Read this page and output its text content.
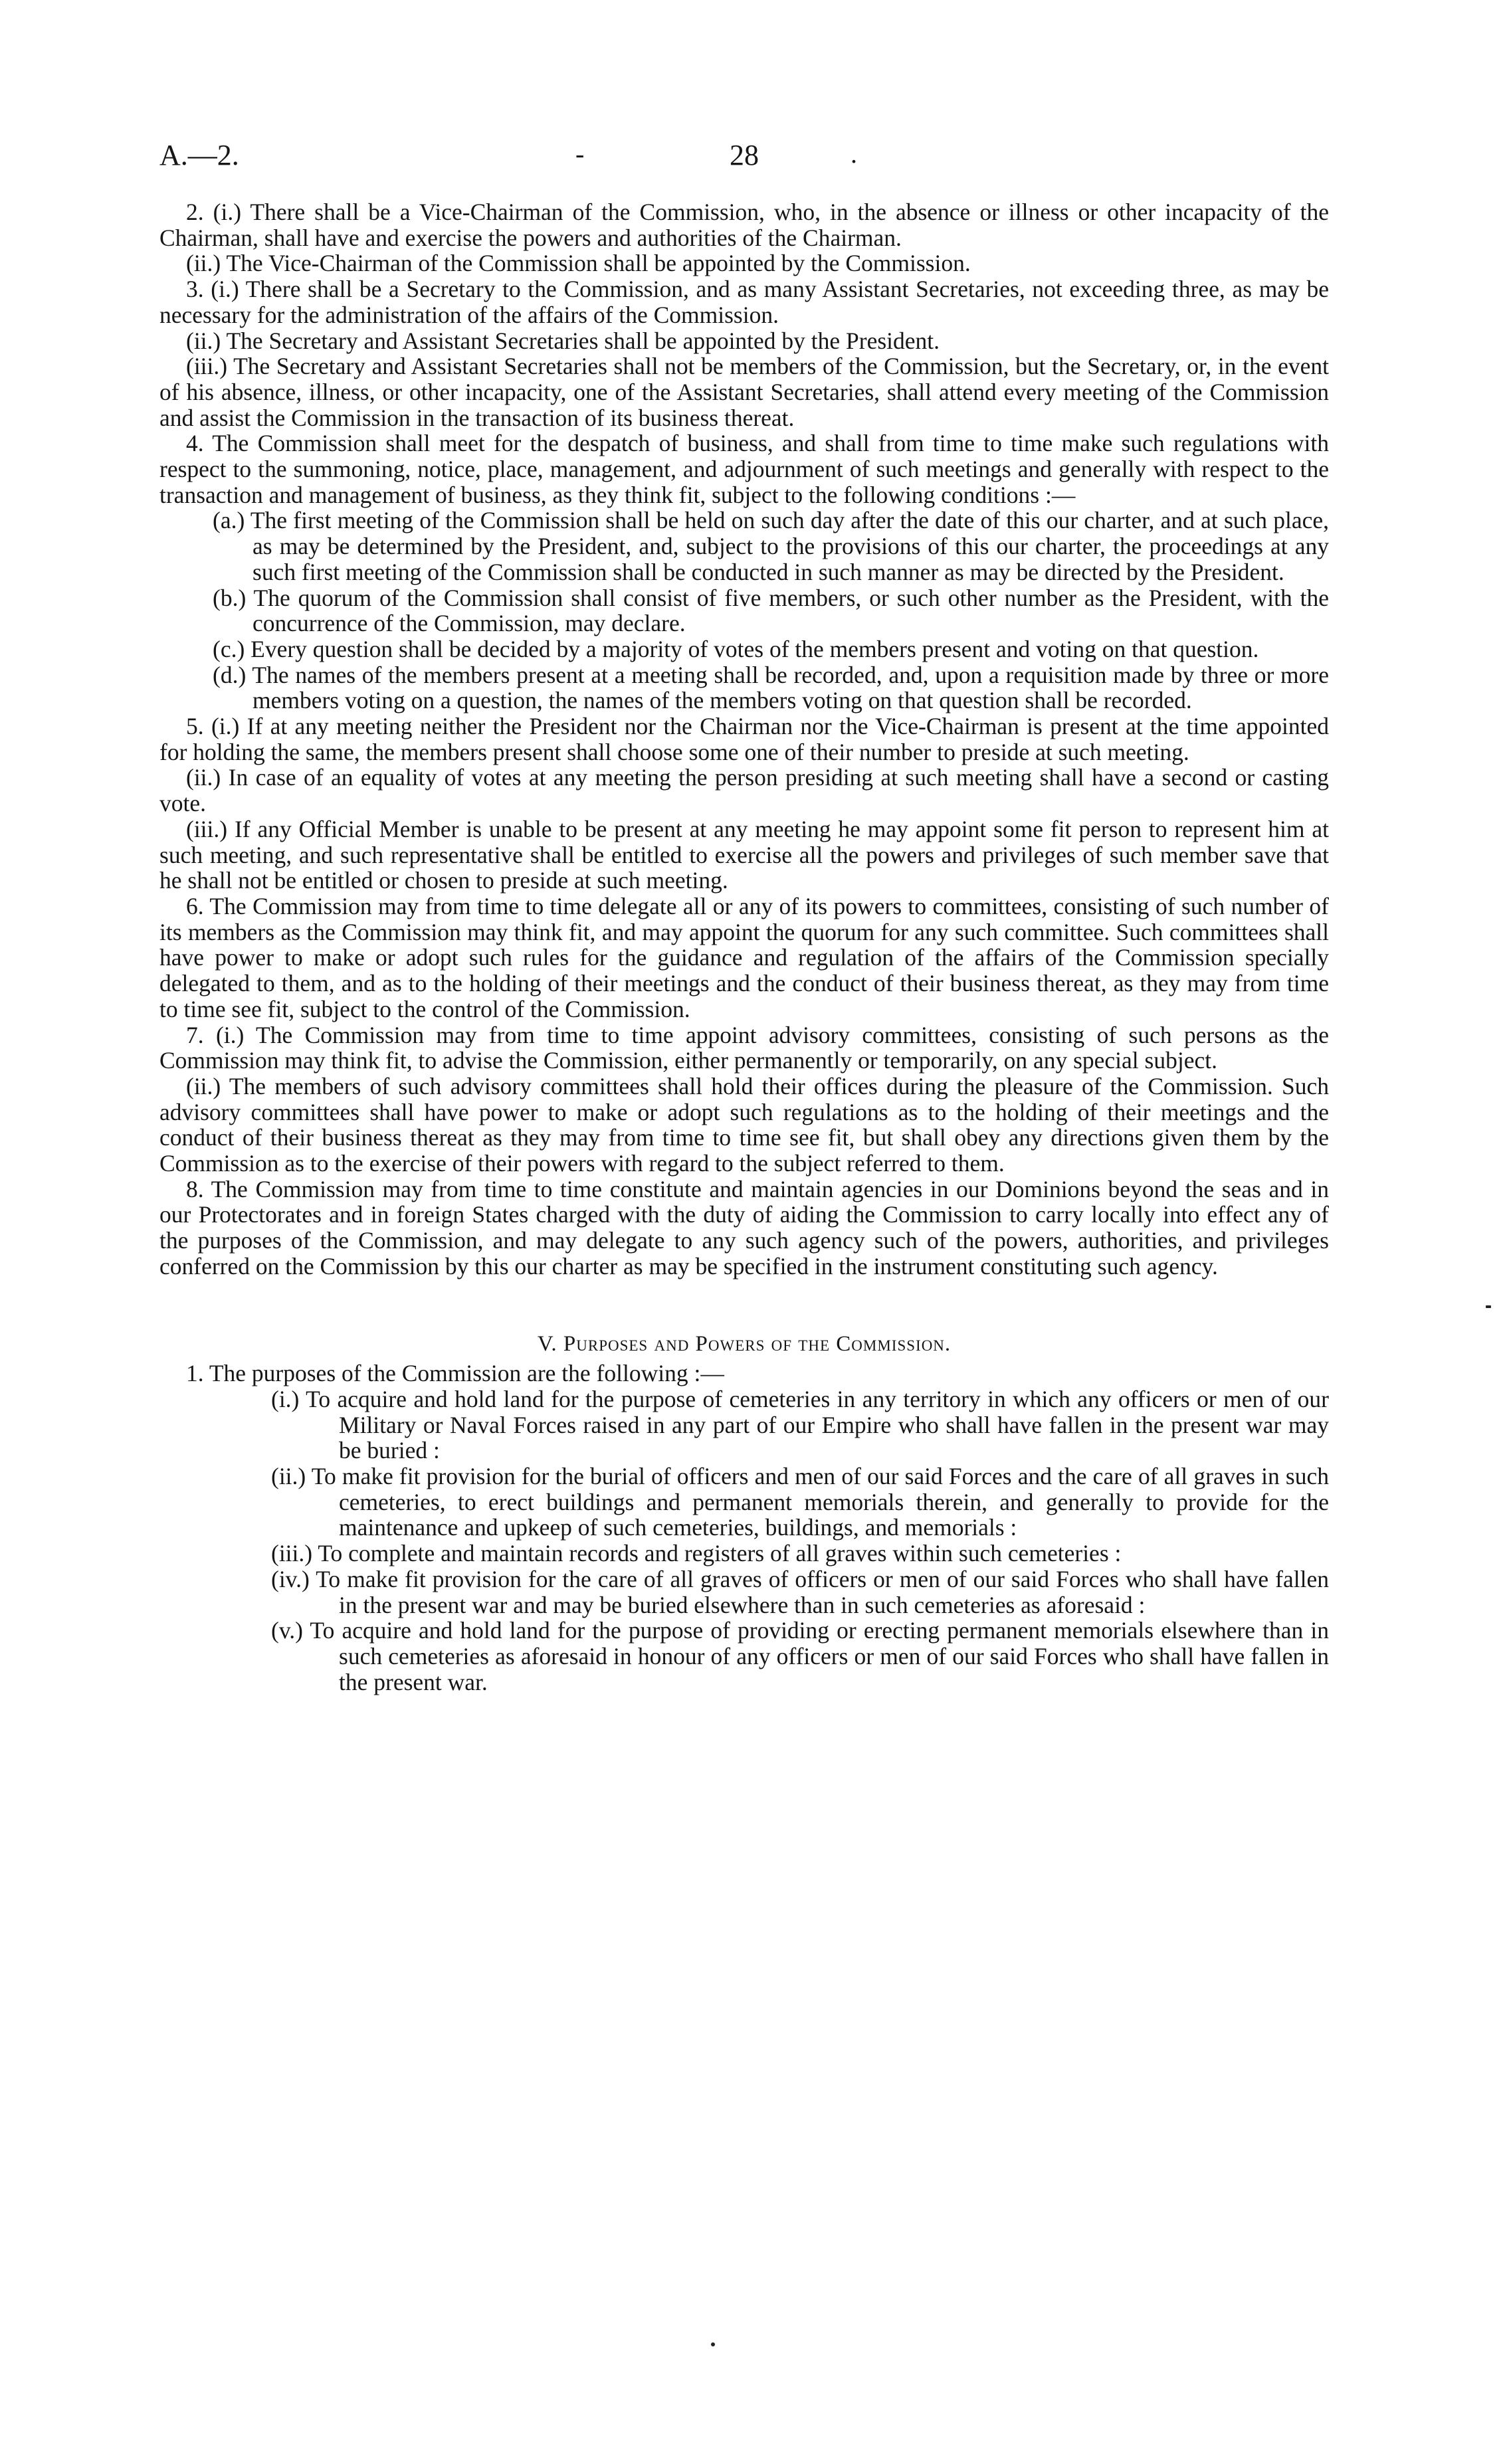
A.—2.	-	28	.

2. (i.) There shall be a Vice-Chairman of the Commission, who, in the absence or illness or other incapacity of the Chairman, shall have and exercise the powers and authorities of the Chairman.

(ii.) The Vice-Chairman of the Commission shall be appointed by the Commission.

3. (i.) There shall be a Secretary to the Commission, and as many Assistant Secretaries, not exceeding three, as may be necessary for the administration of the affairs of the Commission.

(ii.) The Secretary and Assistant Secretaries shall be appointed by the President.

(iii.) The Secretary and Assistant Secretaries shall not be members of the Commission, but the Secretary, or, in the event of his absence, illness, or other incapacity, one of the Assistant Secretaries, shall attend every meeting of the Commission and assist the Commission in the transaction of its business thereat.

4. The Commission shall meet for the despatch of business, and shall from time to time make such regulations with respect to the summoning, notice, place, management, and adjournment of such meetings and generally with respect to the transaction and management of business, as they think fit, subject to the following conditions :—

(a.) The first meeting of the Commission shall be held on such day after the date of this our charter, and at such place, as may be determined by the President, and, subject to the provisions of this our charter, the proceedings at any such first meeting of the Commission shall be conducted in such manner as may be directed by the President.

(b.) The quorum of the Commission shall consist of five members, or such other number as the President, with the concurrence of the Commission, may declare.

(c.) Every question shall be decided by a majority of votes of the members present and voting on that question.

(d.) The names of the members present at a meeting shall be recorded, and, upon a requisition made by three or more members voting on a question, the names of the members voting on that question shall be recorded.

5. (i.) If at any meeting neither the President nor the Chairman nor the Vice-Chairman is present at the time appointed for holding the same, the members present shall choose some one of their number to preside at such meeting.

(ii.) In case of an equality of votes at any meeting the person presiding at such meeting shall have a second or casting vote.

(iii.) If any Official Member is unable to be present at any meeting he may appoint some fit person to represent him at such meeting, and such representative shall be entitled to exercise all the powers and privileges of such member save that he shall not be entitled or chosen to preside at such meeting.

6. The Commission may from time to time delegate all or any of its powers to committees, consisting of such number of its members as the Commission may think fit, and may appoint the quorum for any such committee. Such committees shall have power to make or adopt such rules for the guidance and regulation of the affairs of the Commission specially delegated to them, and as to the holding of their meetings and the conduct of their business thereat, as they may from time to time see fit, subject to the control of the Commission.

7. (i.) The Commission may from time to time appoint advisory committees, consisting of such persons as the Commission may think fit, to advise the Commission, either permanently or temporarily, on any special subject.

(ii.) The members of such advisory committees shall hold their offices during the pleasure of the Commission. Such advisory committees shall have power to make or adopt such regulations as to the holding of their meetings and the conduct of their business thereat as they may from time to time see fit, but shall obey any directions given them by the Commission as to the exercise of their powers with regard to the subject referred to them.

8. The Commission may from time to time constitute and maintain agencies in our Dominions beyond the seas and in our Protectorates and in foreign States charged with the duty of aiding the Commission to carry locally into effect any of the purposes of the Commission, and may delegate to any such agency such of the powers, authorities, and privileges conferred on the Commission by this our charter as may be specified in the instrument constituting such agency.

V. Purposes and Powers of the Commission.

1. The purposes of the Commission are the following :—

(i.) To acquire and hold land for the purpose of cemeteries in any territory in which any officers or men of our Military or Naval Forces raised in any part of our Empire who shall have fallen in the present war may be buried :

(ii.) To make fit provision for the burial of officers and men of our said Forces and the care of all graves in such cemeteries, to erect buildings and permanent memorials therein, and generally to provide for the maintenance and upkeep of such cemeteries, buildings, and memorials :

(iii.) To complete and maintain records and registers of all graves within such cemeteries :

(iv.) To make fit provision for the care of all graves of officers or men of our said Forces who shall have fallen in the present war and may be buried elsewhere than in such cemeteries as aforesaid :

(v.) To acquire and hold land for the purpose of providing or erecting permanent memorials elsewhere than in such cemeteries as aforesaid in honour of any officers or men of our said Forces who shall have fallen in the present war.
